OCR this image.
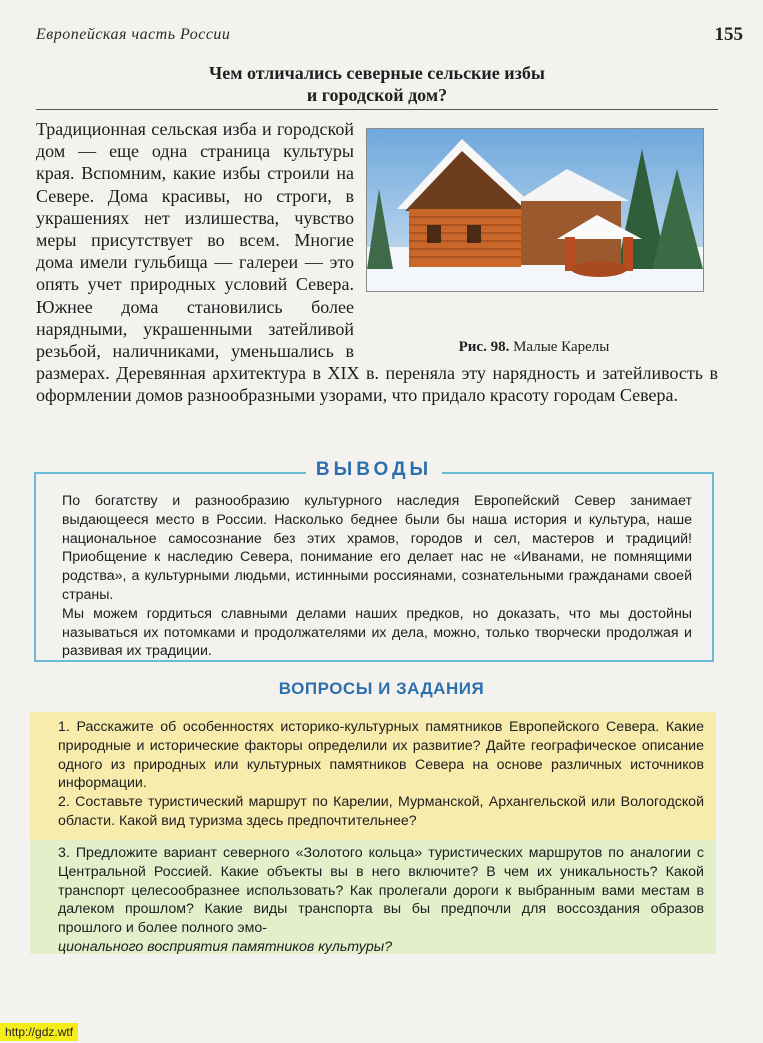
Европейская часть России	155
Чем отличались северные сельские избы
и городской дом?
Рис. 98. Малые Карелы
Традиционная сельская изба и городской дом — еще одна страница культуры края. Вспомним, какие избы строили на Севере. Дома красивы, но строги, в украшениях нет излишества, чувство меры присутствует во всем. Многие дома имели гульбища — галереи — это опять учет природных условий Севера. Южнее дома становились более нарядными, украшенными затейливой резьбой, наличниками, уменьшались в размерах. Деревянная архитектура в XIX в. переняла эту нарядность и затейливость в оформлении домов разнообразными узорами, что придало красоту городам Севера.
ВЫВОДЫ

По богатству и разнообразию культурного наследия Европейский Север занимает выдающееся место в России. Насколько беднее были бы наша история и культура, наше национальное самосознание без этих храмов, городов и сел, мастеров и традиций! Приобщение к наследию Севера, понимание его делает нас не «Иванами, не помнящими родства», а культурными людьми, истинными россиянами, сознательными гражданами своей страны.

Мы можем гордиться славными делами наших предков, но доказать, что мы достойны называться их потомками и продолжателями их дела, можно, только творчески продолжая и развивая их традиции.

ВОПРОСЫ И ЗАДАНИЯ

1. Расскажите об особенностях историко-культурных памятников Европейского Севера. Какие природные и исторические факторы определили их развитие? Дайте географическое описание одного из природных или культурных памятников Севера на основе различных источников информации.

2. Составьте туристический маршрут по Карелии, Мурманской, Архангельской или Вологодской области. Какой вид туризма здесь предпочтительнее?

3. Предложите вариант северного «Золотого кольца» туристических маршрутов по аналогии с Центральной Россией. Какие объекты вы в него включите? В чем их уникальность? Какой транспорт целесообразнее использовать? Как пролегали дороги к выбранным вами местам в далеком прошлом? Какие виды транспорта вы бы предпочли для воссоздания образов прошлого и более полного эмо-

ционального восприятия памятников культуры?

http://gdz.wtf
